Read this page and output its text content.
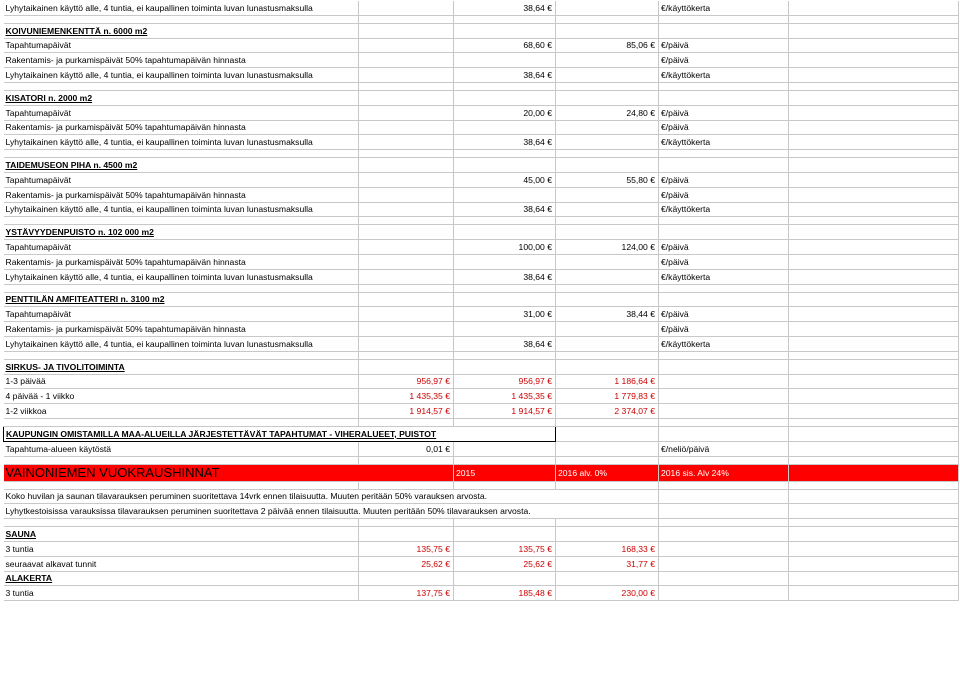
Lyhytaikainen käyttö alle, 4 tuntia, ei kaupallinen toiminta luvan lunastusmaksulla		38,64 €		€/käyttökerta	

KOIVUNIEMENKENTTÄ n. 6000 m2					
Tapahtumapäivät		68,60 €	85,06 €	€/päivä	
Rakentamis- ja purkamispäivät 50% tapahtumapäivän hinnasta				€/päivä	
Lyhytaikainen käyttö alle, 4 tuntia, ei kaupallinen toiminta luvan lunastusmaksulla		38,64 €		€/käyttökerta	

KISATORI n. 2000 m2					
Tapahtumapäivät		20,00 €	24,80 €	€/päivä	
Rakentamis- ja purkamispäivät 50% tapahtumapäivän hinnasta				€/päivä	
Lyhytaikainen käyttö alle, 4 tuntia, ei kaupallinen toiminta luvan lunastusmaksulla		38,64 €		€/käyttökerta	

TAIDEMUSEON PIHA n. 4500 m2					
Tapahtumapäivät		45,00 €	55,80 €	€/päivä	
Rakentamis- ja purkamispäivät 50% tapahtumapäivän hinnasta				€/päivä	
Lyhytaikainen käyttö alle, 4 tuntia, ei kaupallinen toiminta luvan lunastusmaksulla		38,64 €		€/käyttökerta	

YSTÄVYYDENPUISTO n. 102 000 m2					
Tapahtumapäivät		100,00 €	124,00 €	€/päivä	
Rakentamis- ja purkamispäivät 50% tapahtumapäivän hinnasta				€/päivä	
Lyhytaikainen käyttö alle, 4 tuntia, ei kaupallinen toiminta luvan lunastusmaksulla		38,64 €		€/käyttökerta	

PENTTILÄN AMFITEATTERI n. 3100 m2					
Tapahtumapäivät		31,00 €	38,44 €	€/päivä	
Rakentamis- ja purkamispäivät 50% tapahtumapäivän hinnasta				€/päivä	
Lyhytaikainen käyttö alle, 4 tuntia, ei kaupallinen toiminta luvan lunastusmaksulla		38,64 €		€/käyttökerta	

SIRKUS- JA TIVOLITOIMINTA					
1-3 päivää	956,97 €	956,97 €	1 186,64 €		
4 päivää - 1 viikko	1 435,35 €	1 435,35 €	1 779,83 €		
1-2 viikkoa	1 914,57 €	1 914,57 €	2 374,07 €		

KAUPUNGIN OMISTAMILLA MAA-ALUEILLA JÄRJESTETTÄVÄT TAPAHTUMAT - VIHERALUEET, PUISTOT					
Tapahtuma-alueen käytöstä	0,01 €			€/neliö/päivä	

VAINONIEMEN VUOKRAUSHINNAT		2015	2016 alv. 0%	2016 sis. Alv 24%	

Koko huvilan ja saunan tilavarauksen peruminen suoritettava 14vrk ennen tilaisuutta. Muuten peritään 50% varauksen arvosta.					
Lyhytkestoisissa varauksissa tilavarauksen peruminen suoritettava 2 päivää ennen tilaisuutta. Muuten peritään 50% tilavarauksen arvosta.					

SAUNA					
3 tuntia	135,75 €	135,75 €	168,33 €		
seuraavat alkavat tunnit	25,62 €	25,62 €	31,77 €		
ALAKERTA					
3 tuntia	137,75 €	185,48 €	230,00 €		
